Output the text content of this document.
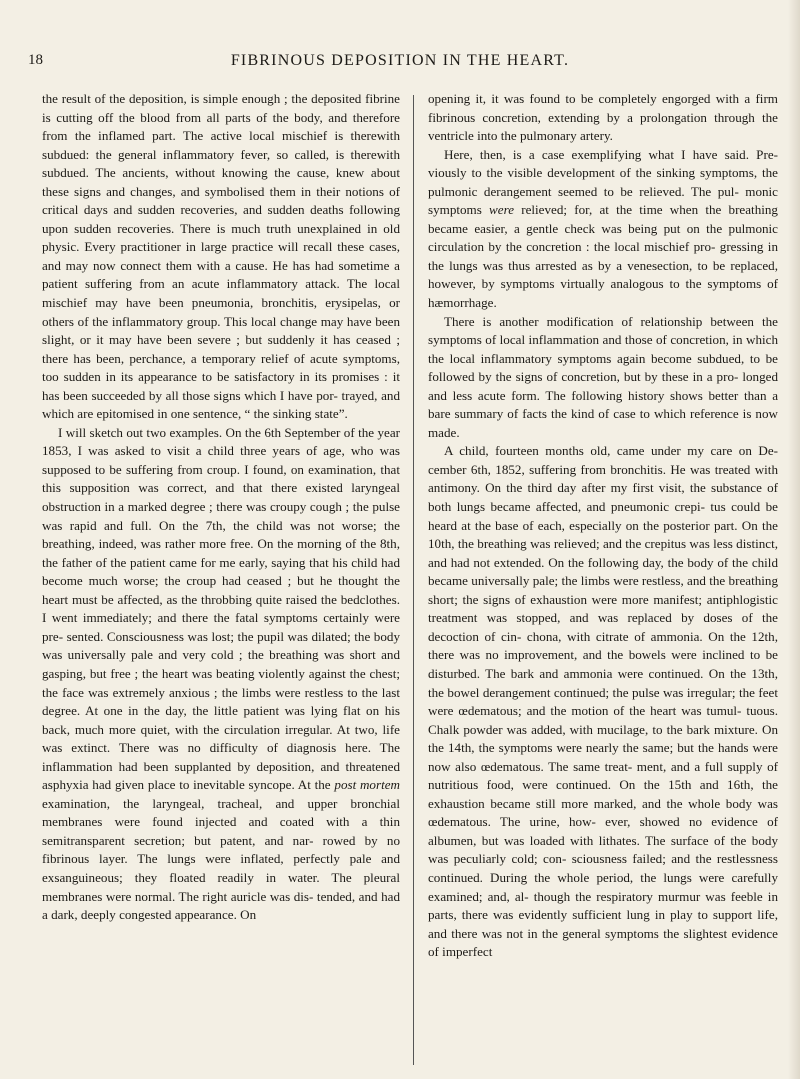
18	FIBRINOUS DEPOSITION IN THE HEART.

the result of the deposition, is simple enough ; the deposited fibrine is cutting off the blood from all parts of the body, and therefore from the inflamed part. The active local mischief is therewith subdued: the general inflammatory fever, so called, is therewith subdued. The ancients, without knowing the cause, knew about these signs and changes, and symbolised them in their notions of critical days and sudden recoveries, and sudden deaths following upon sudden recoveries. There is much truth unexplained in old physic. Every practitioner in large practice will recall these cases, and may now connect them with a cause. He has had sometime a patient suffering from an acute inflammatory attack. The local mischief may have been pneumonia, bronchitis, erysipelas, or others of the inflammatory group. This local change may have been slight, or it may have been severe ; but suddenly it has ceased ; there has been, perchance, a temporary relief of acute symptoms, too sudden in its appearance to be satisfactory in its promises : it has been succeeded by all those signs which I have por- trayed, and which are epitomised in one sentence, “ the sinking state”.

I will sketch out two examples. On the 6th September of the year 1853, I was asked to visit a child three years of age, who was supposed to be suffering from croup. I found, on examination, that this supposition was correct, and that there existed laryngeal obstruction in a marked degree ; there was croupy cough ; the pulse was rapid and full. On the 7th, the child was not worse; the breathing, indeed, was rather more free. On the morning of the 8th, the father of the patient came for me early, saying that his child had become much worse; the croup had ceased ; but he thought the heart must be affected, as the throbbing quite raised the bedclothes. I went immediately; and there the fatal symptoms certainly were pre- sented. Consciousness was lost; the pupil was dilated; the body was universally pale and very cold ; the breathing was short and gasping, but free ; the heart was beating violently against the chest; the face was extremely anxious ; the limbs were restless to the last degree. At one in the day, the little patient was lying flat on his back, much more quiet, with the circulation irregular. At two, life was extinct. There was no difficulty of diagnosis here. The inflammation had been supplanted by deposition, and threatened asphyxia had given place to inevitable syncope. At the post mortem examination, the laryngeal, tracheal, and upper bronchial membranes were found injected and coated with a thin semitransparent secretion; but patent, and nar- rowed by no fibrinous layer. The lungs were inflated, perfectly pale and exsanguineous; they floated readily in water. The pleural membranes were normal. The right auricle was dis- tended, and had a dark, deeply congested appearance. On

opening it, it was found to be completely engorged with a firm fibrinous concretion, extending by a prolongation through the ventricle into the pulmonary artery.

Here, then, is a case exemplifying what I have said. Pre- viously to the visible development of the sinking symptoms, the pulmonic derangement seemed to be relieved. The pul- monic symptoms were relieved; for, at the time when the breathing became easier, a gentle check was being put on the pulmonic circulation by the concretion : the local mischief pro- gressing in the lungs was thus arrested as by a venesection, to be replaced, however, by symptoms virtually analogous to the symptoms of hæmorrhage.

There is another modification of relationship between the symptoms of local inflammation and those of concretion, in which the local inflammatory symptoms again become subdued, to be followed by the signs of concretion, but by these in a pro- longed and less acute form. The following history shows better than a bare summary of facts the kind of case to which reference is now made.

A child, fourteen months old, came under my care on De- cember 6th, 1852, suffering from bronchitis. He was treated with antimony. On the third day after my first visit, the substance of both lungs became affected, and pneumonic crepi- tus could be heard at the base of each, especially on the posterior part. On the 10th, the breathing was relieved; and the crepitus was less distinct, and had not extended. On the following day, the body of the child became universally pale; the limbs were restless, and the breathing short; the signs of exhaustion were more manifest; antiphlogistic treatment was stopped, and was replaced by doses of the decoction of cin- chona, with citrate of ammonia. On the 12th, there was no improvement, and the bowels were inclined to be disturbed. The bark and ammonia were continued. On the 13th, the bowel derangement continued; the pulse was irregular; the feet were œdematous; and the motion of the heart was tumul- tuous. Chalk powder was added, with mucilage, to the bark mixture. On the 14th, the symptoms were nearly the same; but the hands were now also œdematous. The same treat- ment, and a full supply of nutritious food, were continued. On the 15th and 16th, the exhaustion became still more marked, and the whole body was œdematous. The urine, how- ever, showed no evidence of albumen, but was loaded with lithates. The surface of the body was peculiarly cold; con- sciousness failed; and the restlessness continued. During the whole period, the lungs were carefully examined; and, al- though the respiratory murmur was feeble in parts, there was evidently sufficient lung in play to support life, and there was not in the general symptoms the slightest evidence of imperfect
